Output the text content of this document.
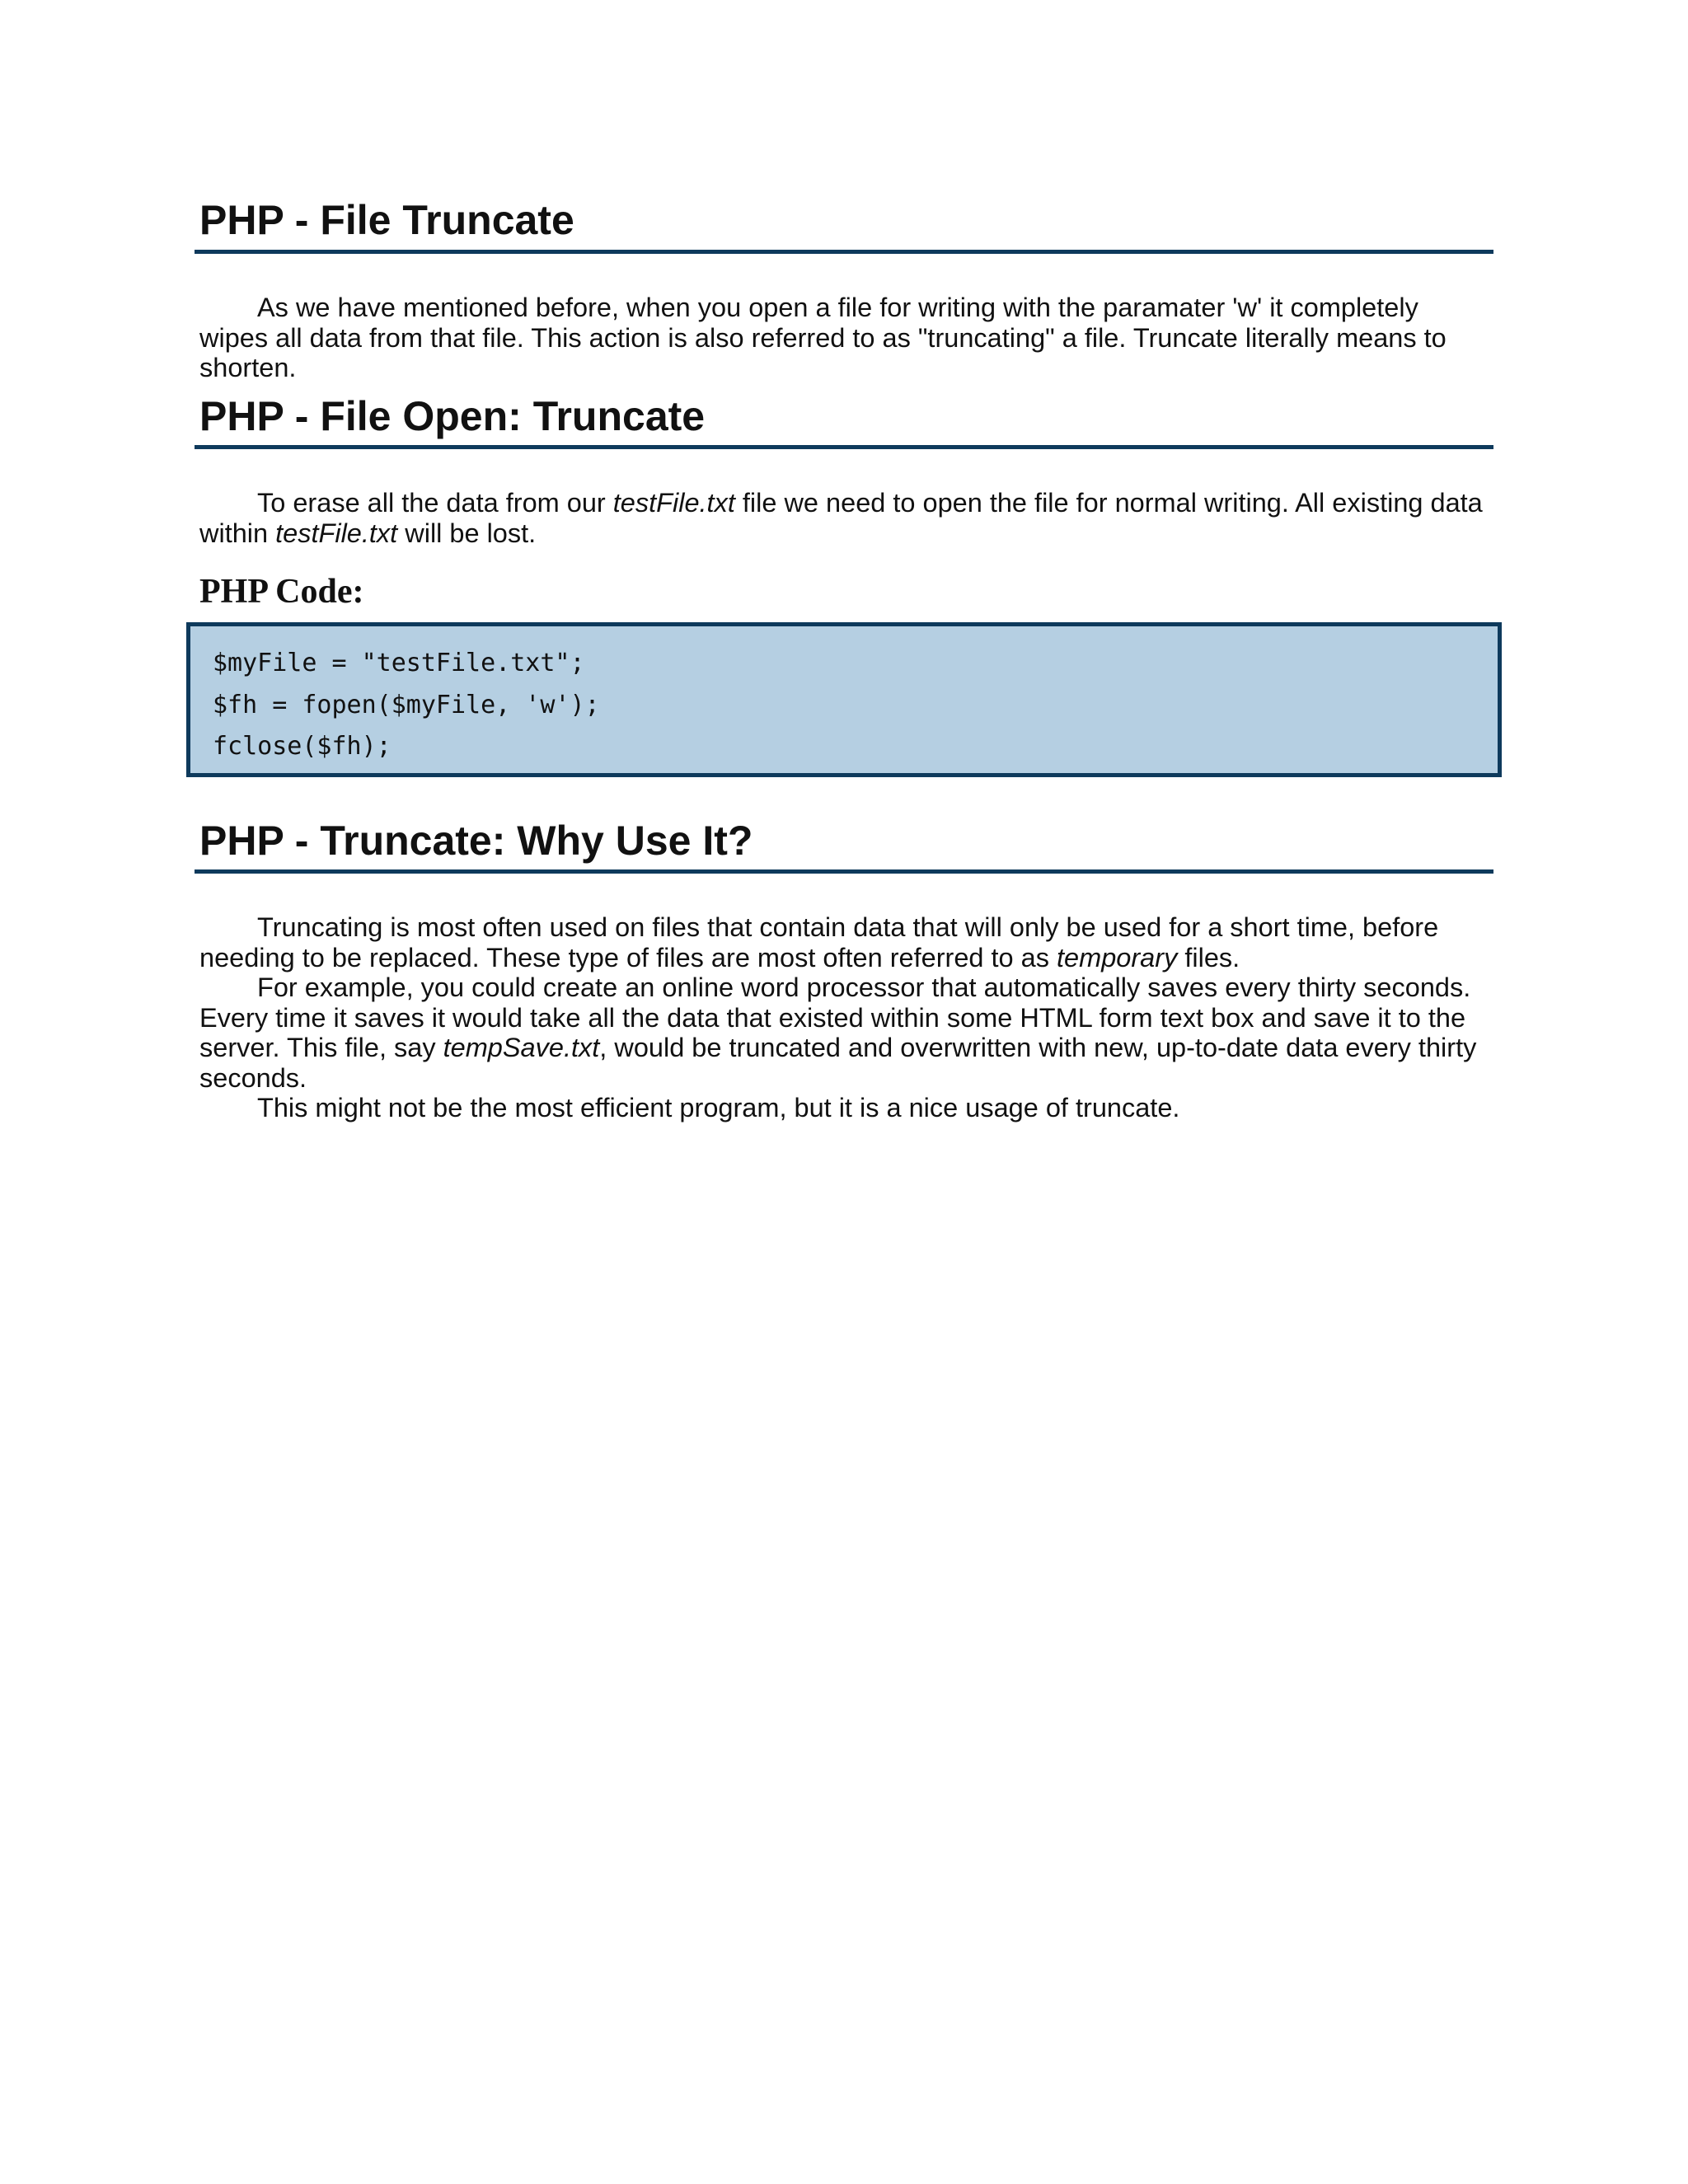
PHP - File Truncate

As we have mentioned before, when you open a file for writing with the paramater 'w' it completely wipes all data from that file. This action is also referred to as "truncating" a file. Truncate literally means to shorten.

PHP - File Open: Truncate

To erase all the data from our testFile.txt file we need to open the file for normal writing. All existing data within testFile.txt will be lost.

PHP Code:
$myFile = "testFile.txt";
$fh = fopen($myFile, 'w');
fclose($fh);
PHP - Truncate: Why Use It?

Truncating is most often used on files that contain data that will only be used for a short time, before needing to be replaced. These type of files are most often referred to as temporary files.

For example, you could create an online word processor that automatically saves every thirty seconds. Every time it saves it would take all the data that existed within some HTML form text box and save it to the server. This file, say tempSave.txt, would be truncated and overwritten with new, up-to-date data every thirty seconds.

This might not be the most efficient program, but it is a nice usage of truncate.
